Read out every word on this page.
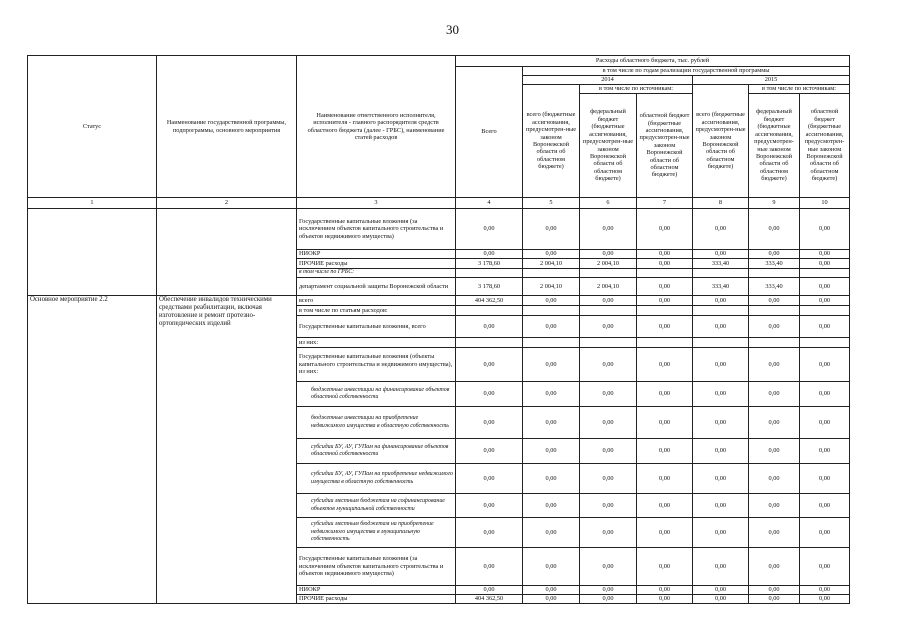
30
Статус	Наименование государственной программы, подпрограммы, основного мероприятия	Наименование ответственного исполнителя, исполнителя - главного распорядителя средств областного бюджета (далее - ГРБС), наименование статей расходов	Расходы областного бюджета, тыс. рублей						
			Всего	в том числе по годам реализации государственной программы					
				2014			2015		
				всего (бюджетные ассигнования, предусмотрен-ные законом Воронежской области об областном бюджете)	в том числе по источникам:		всего (бюджетные ассигнования, предусмотрен-ные законом Воронежской области об областном бюджете)	в том числе по источникам:	
					федеральный бюджет (бюджетные ассигнования, предусмотрен-ные законом Воронежской области об областном бюджете)	областной бюджет (бюджетные ассигнования, предусмотрен-ные законом Воронежской области об областном бюджете)		федеральный бюджет (бюджетные ассигнования, предусмотрен-ные законом Воронежской области об областном бюджете)	областной бюджет (бюджетные ассигнования, предусмотрен-ные законом Воронежской области об областном бюджете)
1	2	3	4	5	6	7	8	9	10
		Государственные капитальные вложения (за исключением объектов капитального строительства и объектов недвижимого имущества)	0,00	0,00	0,00	0,00	0,00	0,00	0,00
		НИОКР	0,00	0,00	0,00	0,00	0,00	0,00	0,00
		ПРОЧИЕ расходы	3 178,60	2 004,10	2 004,10	0,00	333,40	333,40	0,00
		в том числе по ГРБС:							
		департамент социальной защиты Воронежской области	3 178,60	2 004,10	2 004,10	0,00	333,40	333,40	0,00
Основное мероприятие 2.2	Обеспечение инвалидов техническими средствами реабилитации, включая изготовление и ремонт протезно-ортопедических изделий	всего	404 362,50	0,00	0,00	0,00	0,00	0,00	0,00
		в том числе по статьям расходов:							
		Государственные капитальные вложения, всего	0,00	0,00	0,00	0,00	0,00	0,00	0,00
		из них:							
		Государственные капитальные вложения (объекты капитального строительства и недвижимого имущества), из них:	0,00	0,00	0,00	0,00	0,00	0,00	0,00
		бюджетные инвестиции на финансирование объектов областной собственности	0,00	0,00	0,00	0,00	0,00	0,00	0,00
		бюджетные инвестиции на приобретение недвижимого имущества в областную собственность	0,00	0,00	0,00	0,00	0,00	0,00	0,00
		субсидии БУ, АУ, ГУПам на финансирование объектов областной собственности	0,00	0,00	0,00	0,00	0,00	0,00	0,00
		субсидии БУ, АУ, ГУПам на приобретение недвижимого имущества в областную собственность	0,00	0,00	0,00	0,00	0,00	0,00	0,00
		субсидии местным бюджетам на софинансирование объектов муниципальной собственности	0,00	0,00	0,00	0,00	0,00	0,00	0,00
		субсидии местным бюджетам на приобретение недвижимого имущества в муниципальную собственность	0,00	0,00	0,00	0,00	0,00	0,00	0,00
		Государственные капитальные вложения (за исключением объектов капитального строительства и объектов недвижимого имущества)	0,00	0,00	0,00	0,00	0,00	0,00	0,00
		НИОКР	0,00	0,00	0,00	0,00	0,00	0,00	0,00
		ПРОЧИЕ расходы	404 362,50	0,00	0,00	0,00	0,00	0,00	0,00
